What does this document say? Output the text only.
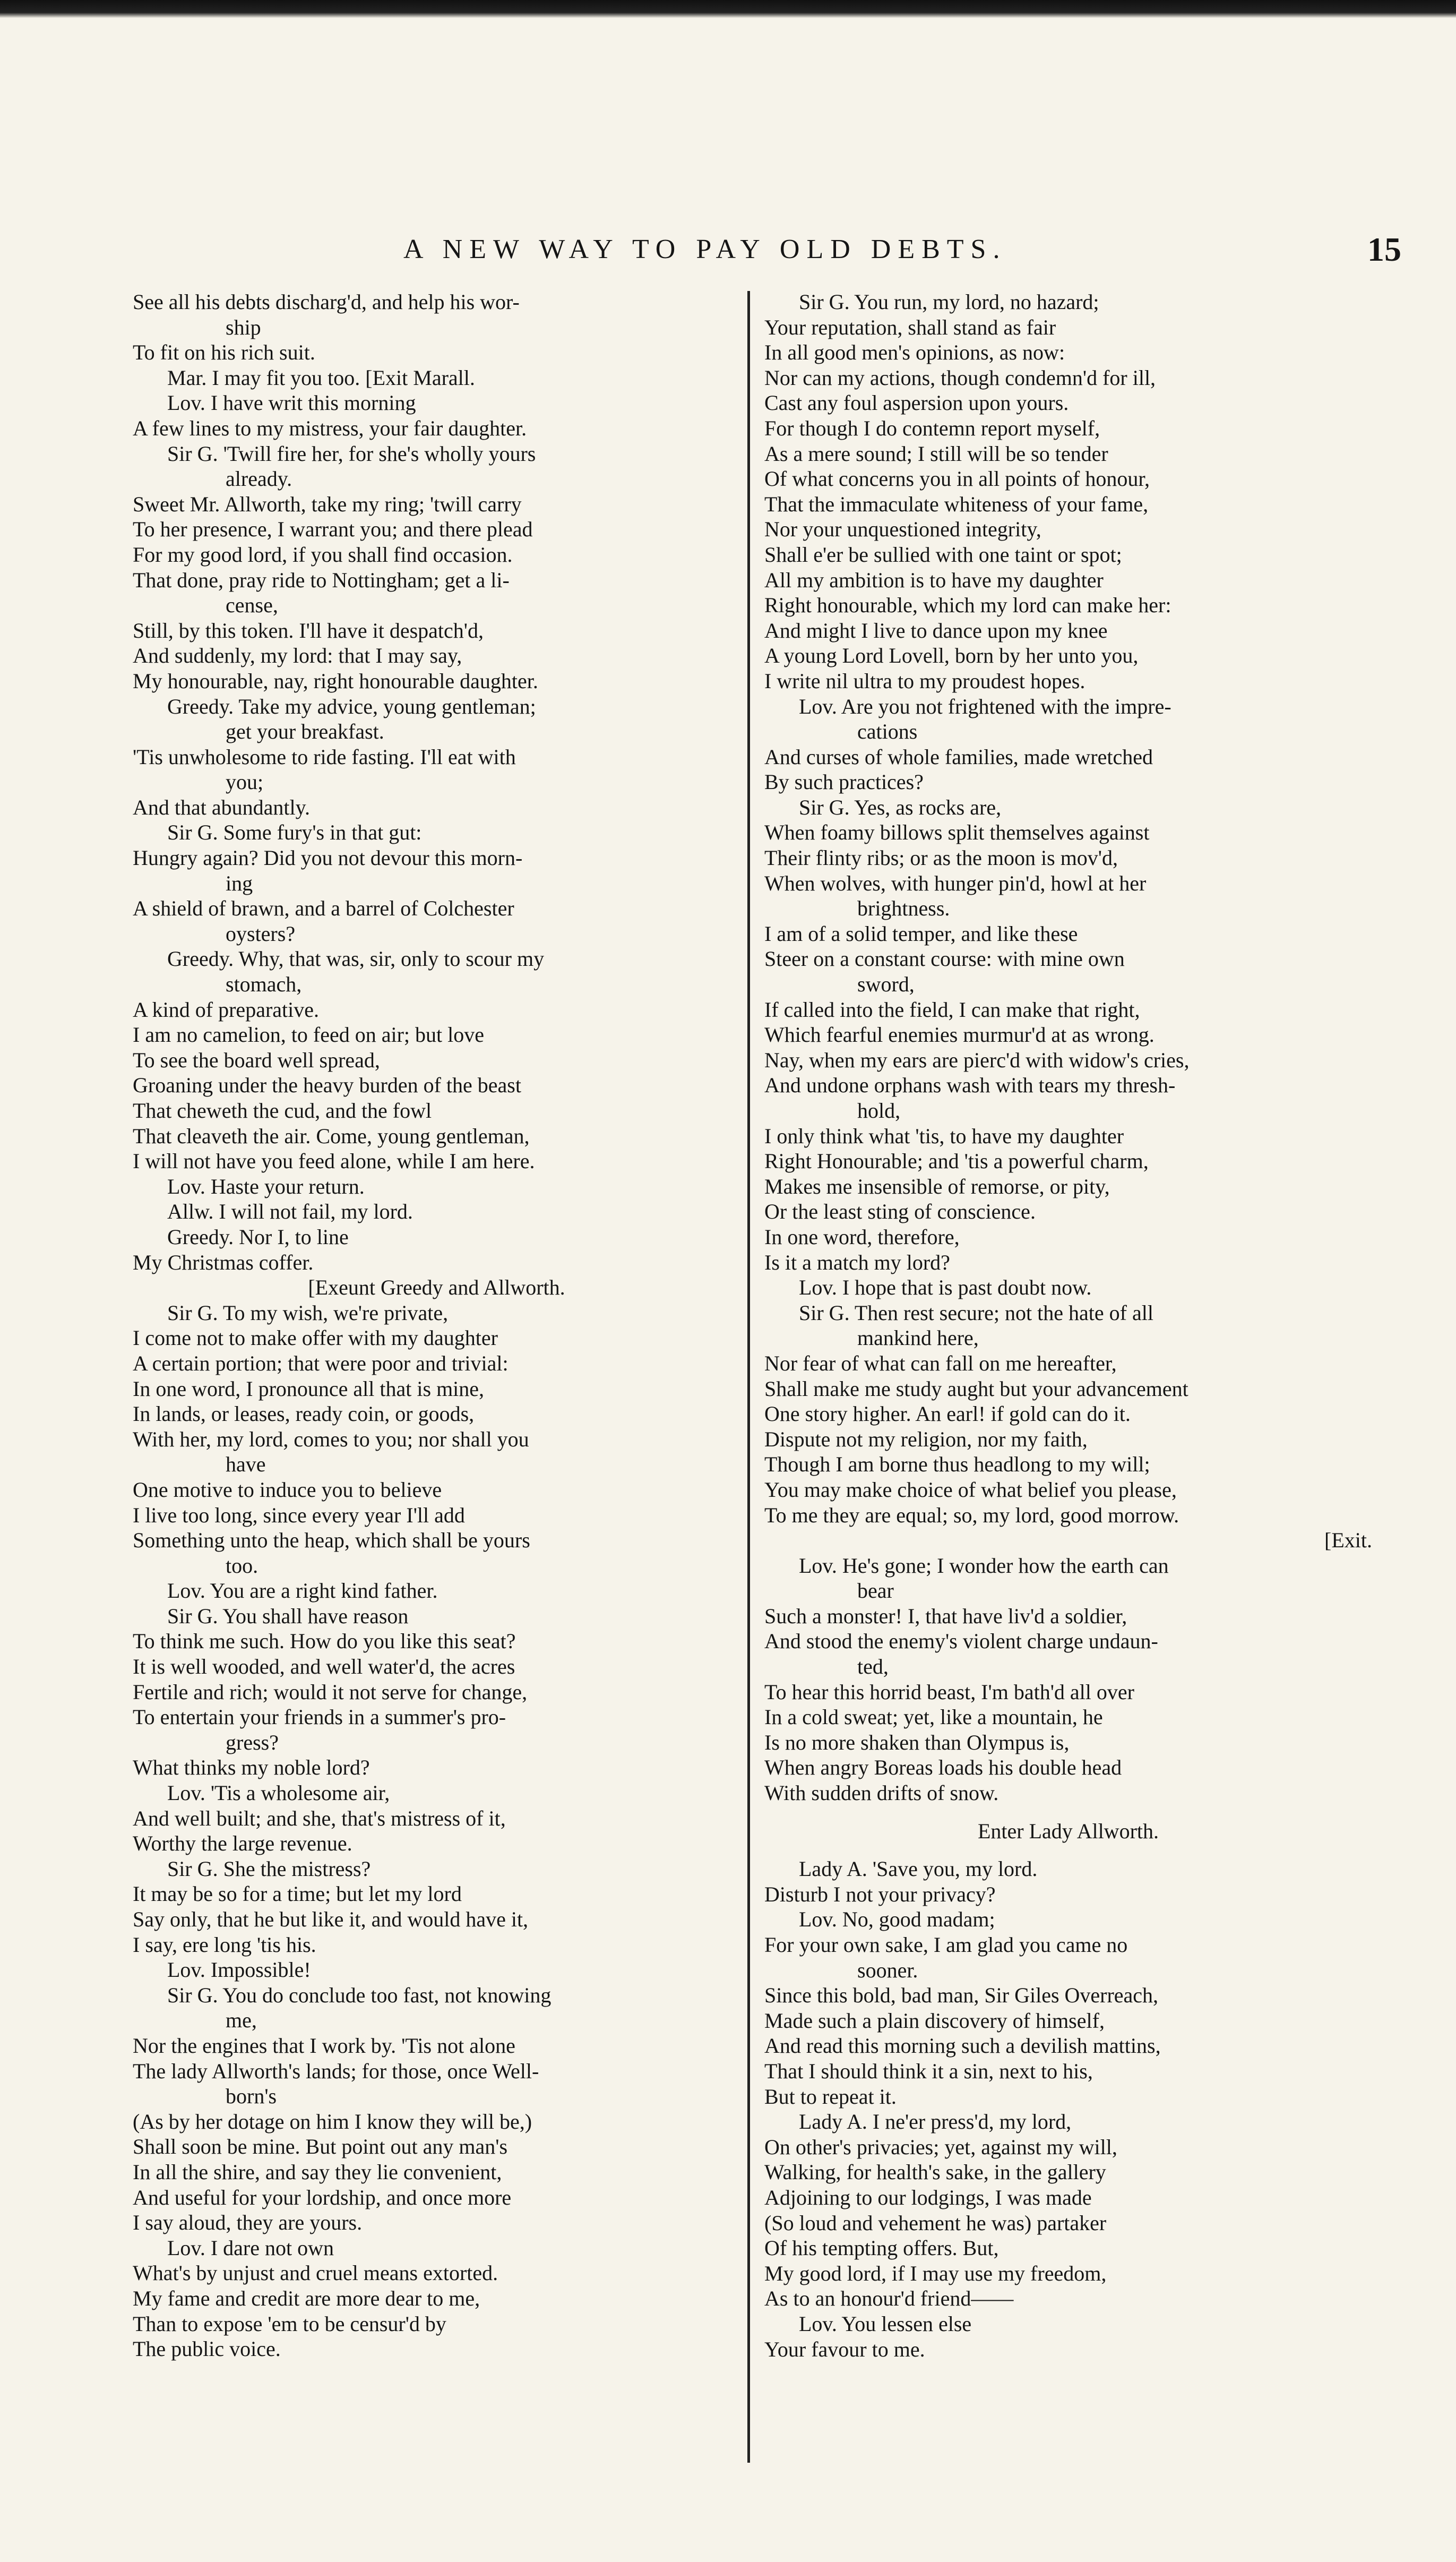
A NEW WAY TO PAY OLD DEBTS.	15
See all his debts discharg'd, and help his wor-
ship
To fit on his rich suit.
Mar. I may fit you too. [Exit Marall.
Lov. I have writ this morning
A few lines to my mistress, your fair daughter.
Sir G. 'Twill fire her, for she's wholly yours
already.
Sweet Mr. Allworth, take my ring; 'twill carry
To her presence, I warrant you; and there plead
For my good lord, if you shall find occasion.
That done, pray ride to Nottingham; get a li-
cense,
Still, by this token. I'll have it despatch'd,
And suddenly, my lord: that I may say,
My honourable, nay, right honourable daughter.
Greedy. Take my advice, young gentleman;
get your breakfast.
'Tis unwholesome to ride fasting. I'll eat with
you;
And that abundantly.
Sir G. Some fury's in that gut:
Hungry again? Did you not devour this morn-
ing
A shield of brawn, and a barrel of Colchester
oysters?
Greedy. Why, that was, sir, only to scour my
stomach,
A kind of preparative.
I am no camelion, to feed on air; but love
To see the board well spread,
Groaning under the heavy burden of the beast
That cheweth the cud, and the fowl
That cleaveth the air. Come, young gentleman,
I will not have you feed alone, while I am here.
Lov. Haste your return.
Allw. I will not fail, my lord.
Greedy. Nor I, to line
My Christmas coffer.
[Exeunt Greedy and Allworth.
Sir G. To my wish, we're private,
I come not to make offer with my daughter
A certain portion; that were poor and trivial:
In one word, I pronounce all that is mine,
In lands, or leases, ready coin, or goods,
With her, my lord, comes to you; nor shall you
have
One motive to induce you to believe
I live too long, since every year I'll add
Something unto the heap, which shall be yours
too.
Lov. You are a right kind father.
Sir G. You shall have reason
To think me such. How do you like this seat?
It is well wooded, and well water'd, the acres
Fertile and rich; would it not serve for change,
To entertain your friends in a summer's pro-
gress?
What thinks my noble lord?
Lov. 'Tis a wholesome air,
And well built; and she, that's mistress of it,
Worthy the large revenue.
Sir G. She the mistress?
It may be so for a time; but let my lord
Say only, that he but like it, and would have it,
I say, ere long 'tis his.
Lov. Impossible!
Sir G. You do conclude too fast, not knowing
me,
Nor the engines that I work by. 'Tis not alone
The lady Allworth's lands; for those, once Well-
born's
(As by her dotage on him I know they will be,)
Shall soon be mine. But point out any man's
In all the shire, and say they lie convenient,
And useful for your lordship, and once more
I say aloud, they are yours.
Lov. I dare not own
What's by unjust and cruel means extorted.
My fame and credit are more dear to me,
Than to expose 'em to be censur'd by
The public voice.
Sir G. You run, my lord, no hazard;
Your reputation, shall stand as fair
In all good men's opinions, as now:
Nor can my actions, though condemn'd for ill,
Cast any foul aspersion upon yours.
For though I do contemn report myself,
As a mere sound; I still will be so tender
Of what concerns you in all points of honour,
That the immaculate whiteness of your fame,
Nor your unquestioned integrity,
Shall e'er be sullied with one taint or spot;
All my ambition is to have my daughter
Right honourable, which my lord can make her:
And might I live to dance upon my knee
A young Lord Lovell, born by her unto you,
I write nil ultra to my proudest hopes.
Lov. Are you not frightened with the impre-
cations
And curses of whole families, made wretched
By such practices?
Sir G. Yes, as rocks are,
When foamy billows split themselves against
Their flinty ribs; or as the moon is mov'd,
When wolves, with hunger pin'd, howl at her
brightness.
I am of a solid temper, and like these
Steer on a constant course: with mine own
sword,
If called into the field, I can make that right,
Which fearful enemies murmur'd at as wrong.
Nay, when my ears are pierc'd with widow's cries,
And undone orphans wash with tears my thresh-
hold,
I only think what 'tis, to have my daughter
Right Honourable; and 'tis a powerful charm,
Makes me insensible of remorse, or pity,
Or the least sting of conscience.
In one word, therefore,
Is it a match my lord?
Lov. I hope that is past doubt now.
Sir G. Then rest secure; not the hate of all
mankind here,
Nor fear of what can fall on me hereafter,
Shall make me study aught but your advancement
One story higher. An earl! if gold can do it.
Dispute not my religion, nor my faith,
Though I am borne thus headlong to my will;
You may make choice of what belief you please,
To me they are equal; so, my lord, good morrow.
[Exit.
Lov. He's gone; I wonder how the earth can
bear
Such a monster! I, that have liv'd a soldier,
And stood the enemy's violent charge undaun-
ted,
To hear this horrid beast, I'm bath'd all over
In a cold sweat; yet, like a mountain, he
Is no more shaken than Olympus is,
When angry Boreas loads his double head
With sudden drifts of snow.
Enter Lady Allworth.
Lady A. 'Save you, my lord.
Disturb I not your privacy?
Lov. No, good madam;
For your own sake, I am glad you came no
sooner.
Since this bold, bad man, Sir Giles Overreach,
Made such a plain discovery of himself,
And read this morning such a devilish mattins,
That I should think it a sin, next to his,
But to repeat it.
Lady A. I ne'er press'd, my lord,
On other's privacies; yet, against my will,
Walking, for health's sake, in the gallery
Adjoining to our lodgings, I was made
(So loud and vehement he was) partaker
Of his tempting offers. But,
My good lord, if I may use my freedom,
As to an honour'd friend——
Lov. You lessen else
Your favour to me.
